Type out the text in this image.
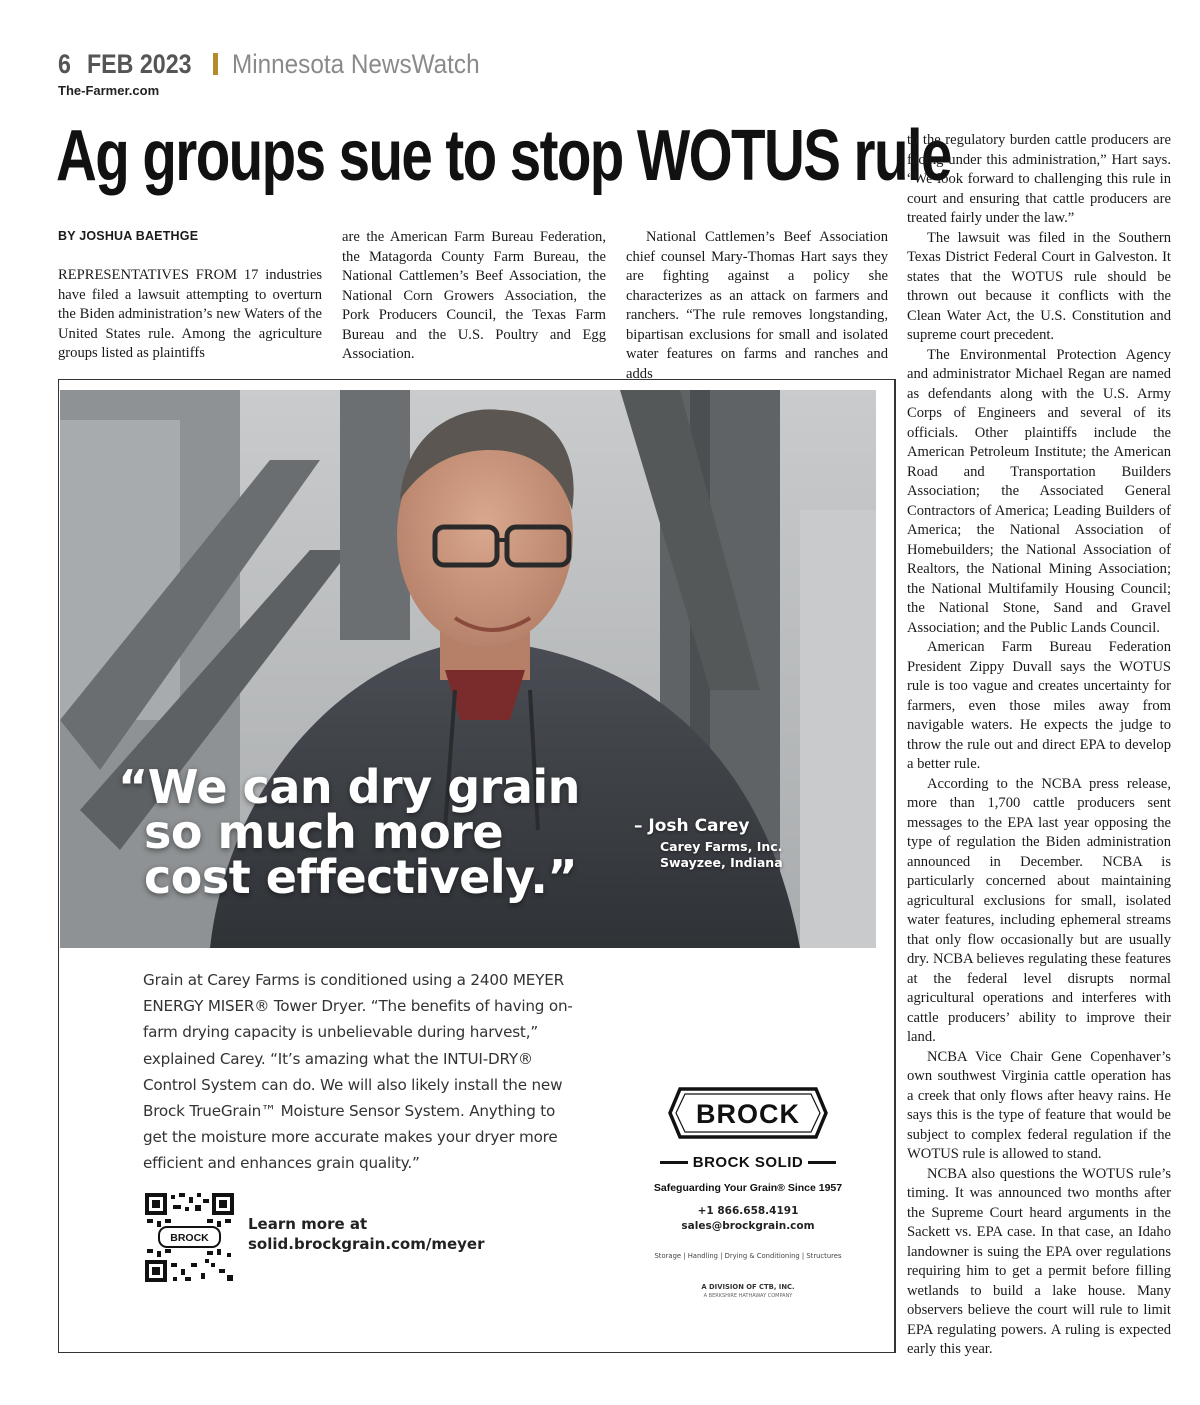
6 FEB 2023 Minnesota NewsWatch
The-Farmer.com
Ag groups sue to stop WOTUS rule
BY JOSHUA BAETHGE

REPRESENTATIVES FROM 17 industries have filed a lawsuit attempting to overturn the Biden administration’s new Waters of the United States rule. Among the agriculture groups listed as plaintiffs

are the American Farm Bureau Federation, the Matagorda County Farm Bureau, the National Cattlemen’s Beef Association, the National Corn Growers Association, the Pork Producers Council, the Texas Farm Bureau and the U.S. Poultry and Egg Association.

National Cattlemen’s Beef Association chief counsel Mary-Thomas Hart says they are fighting against a policy she characterizes as an attack on farmers and ranchers. “The rule removes longstanding, bipartisan exclusions for small and isolated water features on farms and ranches and adds

to the regulatory burden cattle producers are facing under this administration,” Hart says. “We look forward to challenging this rule in court and ensuring that cattle producers are treated fairly under the law.”

The lawsuit was filed in the Southern Texas District Federal Court in Galveston. It states that the WOTUS rule should be thrown out because it conflicts with the Clean Water Act, the U.S. Constitution and supreme court precedent.

The Environmental Protection Agency and administrator Michael Regan are named as defendants along with the U.S. Army Corps of Engineers and several of its officials. Other plaintiffs include the American Petroleum Institute; the American Road and Transportation Builders Association; the Associated General Contractors of America; Leading Builders of America; the National Association of Homebuilders; the National Association of Realtors, the National Mining Association; the National Multifamily Housing Council; the National Stone, Sand and Gravel Association; and the Public Lands Council.

American Farm Bureau Federation President Zippy Duvall says the WOTUS rule is too vague and creates uncertainty for farmers, even those miles away from navigable waters. He expects the judge to throw the rule out and direct EPA to develop a better rule.

According to the NCBA press release, more than 1,700 cattle producers sent messages to the EPA last year opposing the type of regulation the Biden administration announced in December. NCBA is particularly concerned about maintaining agricultural exclusions for small, isolated water features, including ephemeral streams that only flow occasionally but are usually dry. NCBA believes regulating these features at the federal level disrupts normal agricultural operations and interferes with cattle producers’ ability to improve their land.

NCBA Vice Chair Gene Copenhaver’s own southwest Virginia cattle operation has a creek that only flows after heavy rains. He says this is the type of feature that would be subject to complex federal regulation if the WOTUS rule is allowed to stand.

NCBA also questions the WOTUS rule’s timing. It was announced two months after the Supreme Court heard arguments in the Sackett vs. EPA case. In that case, an Idaho landowner is suing the EPA over regulations requiring him to get a permit before filling wetlands to build a lake house. Many observers believe the court will rule to limit EPA regulating powers. A ruling is expected early this year.

“We can dry grain
so much more
cost effectively.”
– Josh Carey
Carey Farms, Inc.
Swayzee, Indiana

Grain at Carey Farms is conditioned using a 2400 MEYER ENERGY MISER® Tower Dryer. “The benefits of having on-farm drying capacity is unbelievable during harvest,” explained Carey. “It’s amazing what the INTUI-DRY® Control System can do. We will also likely install the new Brock TrueGrain™ Moisture Sensor System. Anything to get the moisture more accurate makes your dryer more efficient and enhances grain quality.”

BROCK
Learn more at
solid.brockgrain.com/meyer
BROCK
BROCK SOLID
Safeguarding Your Grain® Since 1957
+1 866.658.4191
sales@brockgrain.com
Storage | Handling | Drying & Conditioning | Structures
A DIVISION OF CTB, INC.
A BERKSHIRE HATHAWAY COMPANY
